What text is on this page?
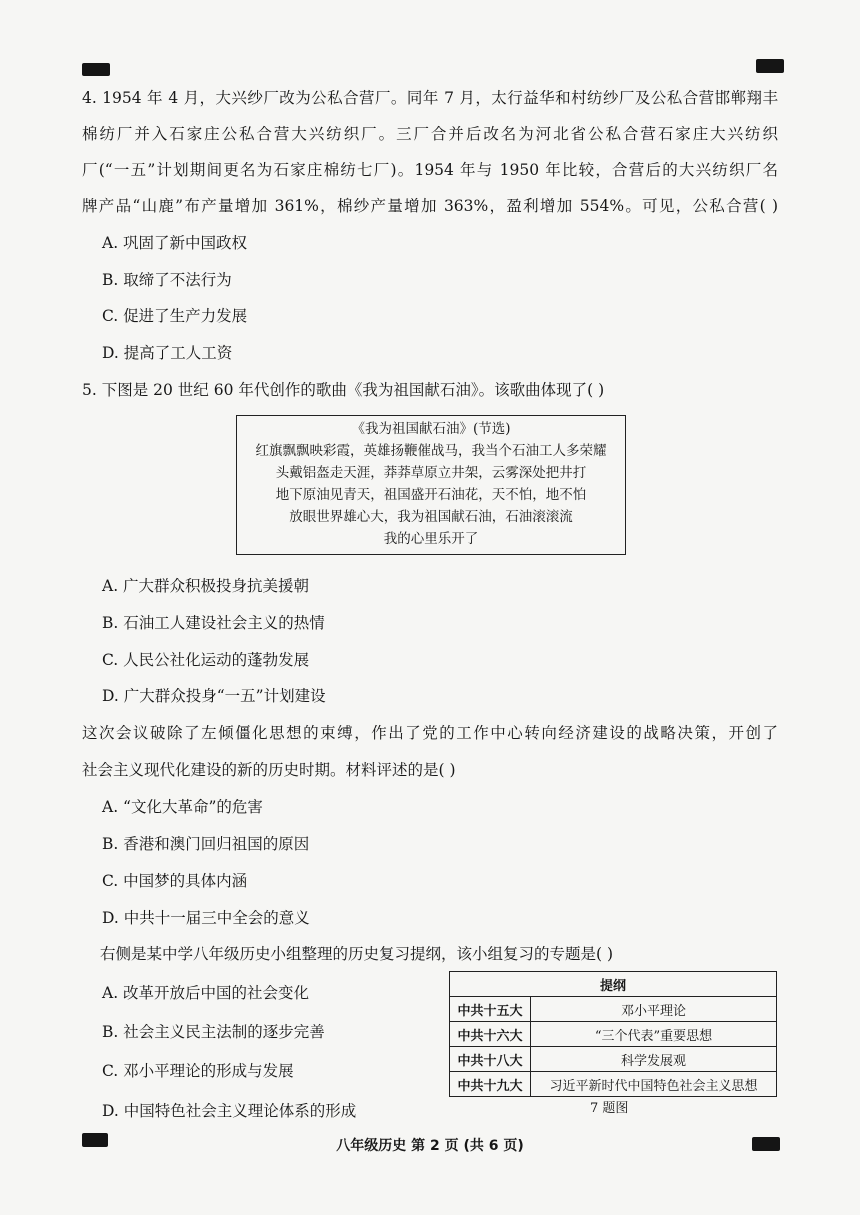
4. 1954 年 4 月，大兴纱厂改为公私合营厂。同年 7 月，太行益华和村纺纱厂及公私合营邯郸翔丰
棉纺厂并入石家庄公私合营大兴纺织厂。三厂合并后改名为河北省公私合营石家庄大兴纺织
厂(“一五”计划期间更名为石家庄棉纺七厂)。1954 年与 1950 年比较，合营后的大兴纺织厂名
牌产品“山鹿”布产量增加 361%，棉纱产量增加 363%，盈利增加 554%。可见，公私合营( )
A. 巩固了新中国政权
B. 取缔了不法行为
C. 促进了生产力发展
D. 提高了工人工资
5. 下图是 20 世纪 60 年代创作的歌曲《我为祖国献石油》。该歌曲体现了( )
《我为祖国献石油》(节选)
红旗飘飘映彩霞，英雄扬鞭催战马，我当个石油工人多荣耀
头戴铝盔走天涯，莽莽草原立井架，云雾深处把井打
地下原油见青天，祖国盛开石油花，天不怕，地不怕
放眼世界雄心大，我为祖国献石油，石油滚滚流
我的心里乐开了
A. 广大群众积极投身抗美援朝
B. 石油工人建设社会主义的热情
C. 人民公社化运动的蓬勃发展
D. 广大群众投身“一五”计划建设
这次会议破除了左倾僵化思想的束缚，作出了党的工作中心转向经济建设的战略决策，开创了
社会主义现代化建设的新的历史时期。材料评述的是( )
A. “文化大革命”的危害
B. 香港和澳门回归祖国的原因
C. 中国梦的具体内涵
D. 中共十一届三中全会的意义
右侧是某中学八年级历史小组整理的历史复习提纲，该小组复习的专题是( )
A. 改革开放后中国的社会变化
B. 社会主义民主法制的逐步完善
C. 邓小平理论的形成与发展
D. 中国特色社会主义理论体系的形成
提纲	
中共十五大	邓小平理论
中共十六大	“三个代表”重要思想
中共十八大	科学发展观
中共十九大	习近平新时代中国特色社会主义思想
7 题图
八年级历史 第 2 页 (共 6 页)
